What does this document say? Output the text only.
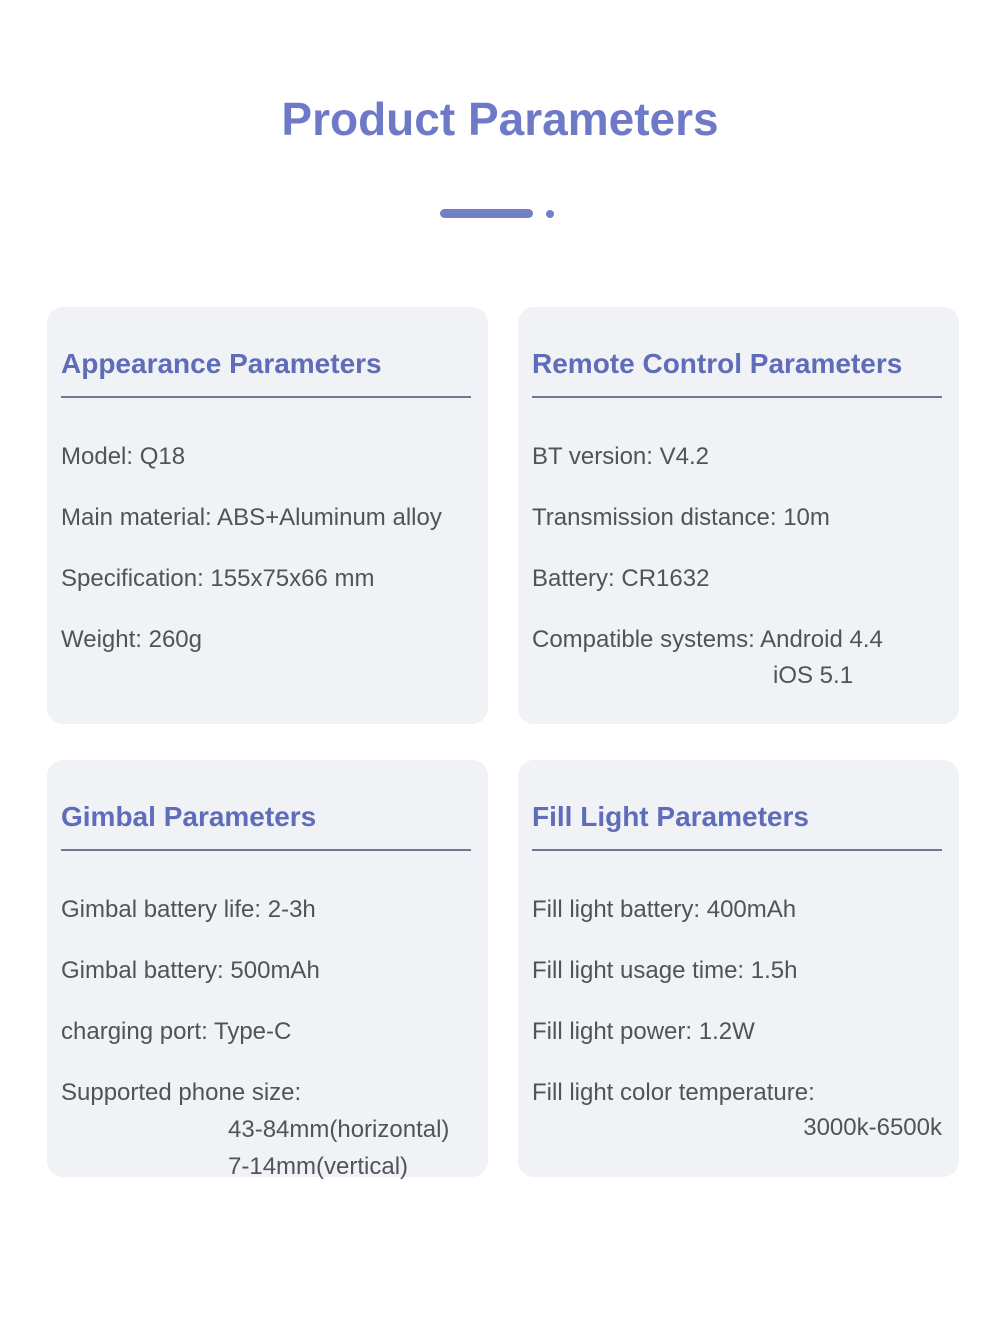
Product Parameters
Appearance Parameters
Model: Q18
Main material: ABS+Aluminum alloy
Specification: 155x75x66 mm
Weight: 260g
Remote Control Parameters
BT version: V4.2
Transmission distance: 10m
Battery: CR1632
Compatible systems: Android 4.4
iOS 5.1
Gimbal Parameters
Gimbal battery life: 2-3h
Gimbal battery: 500mAh
charging port: Type-C
Supported phone size:
43-84mm(horizontal)
7-14mm(vertical)
Fill Light Parameters
Fill light battery: 400mAh
Fill light usage time: 1.5h
Fill light power: 1.2W
Fill light color temperature:
3000k-6500k
